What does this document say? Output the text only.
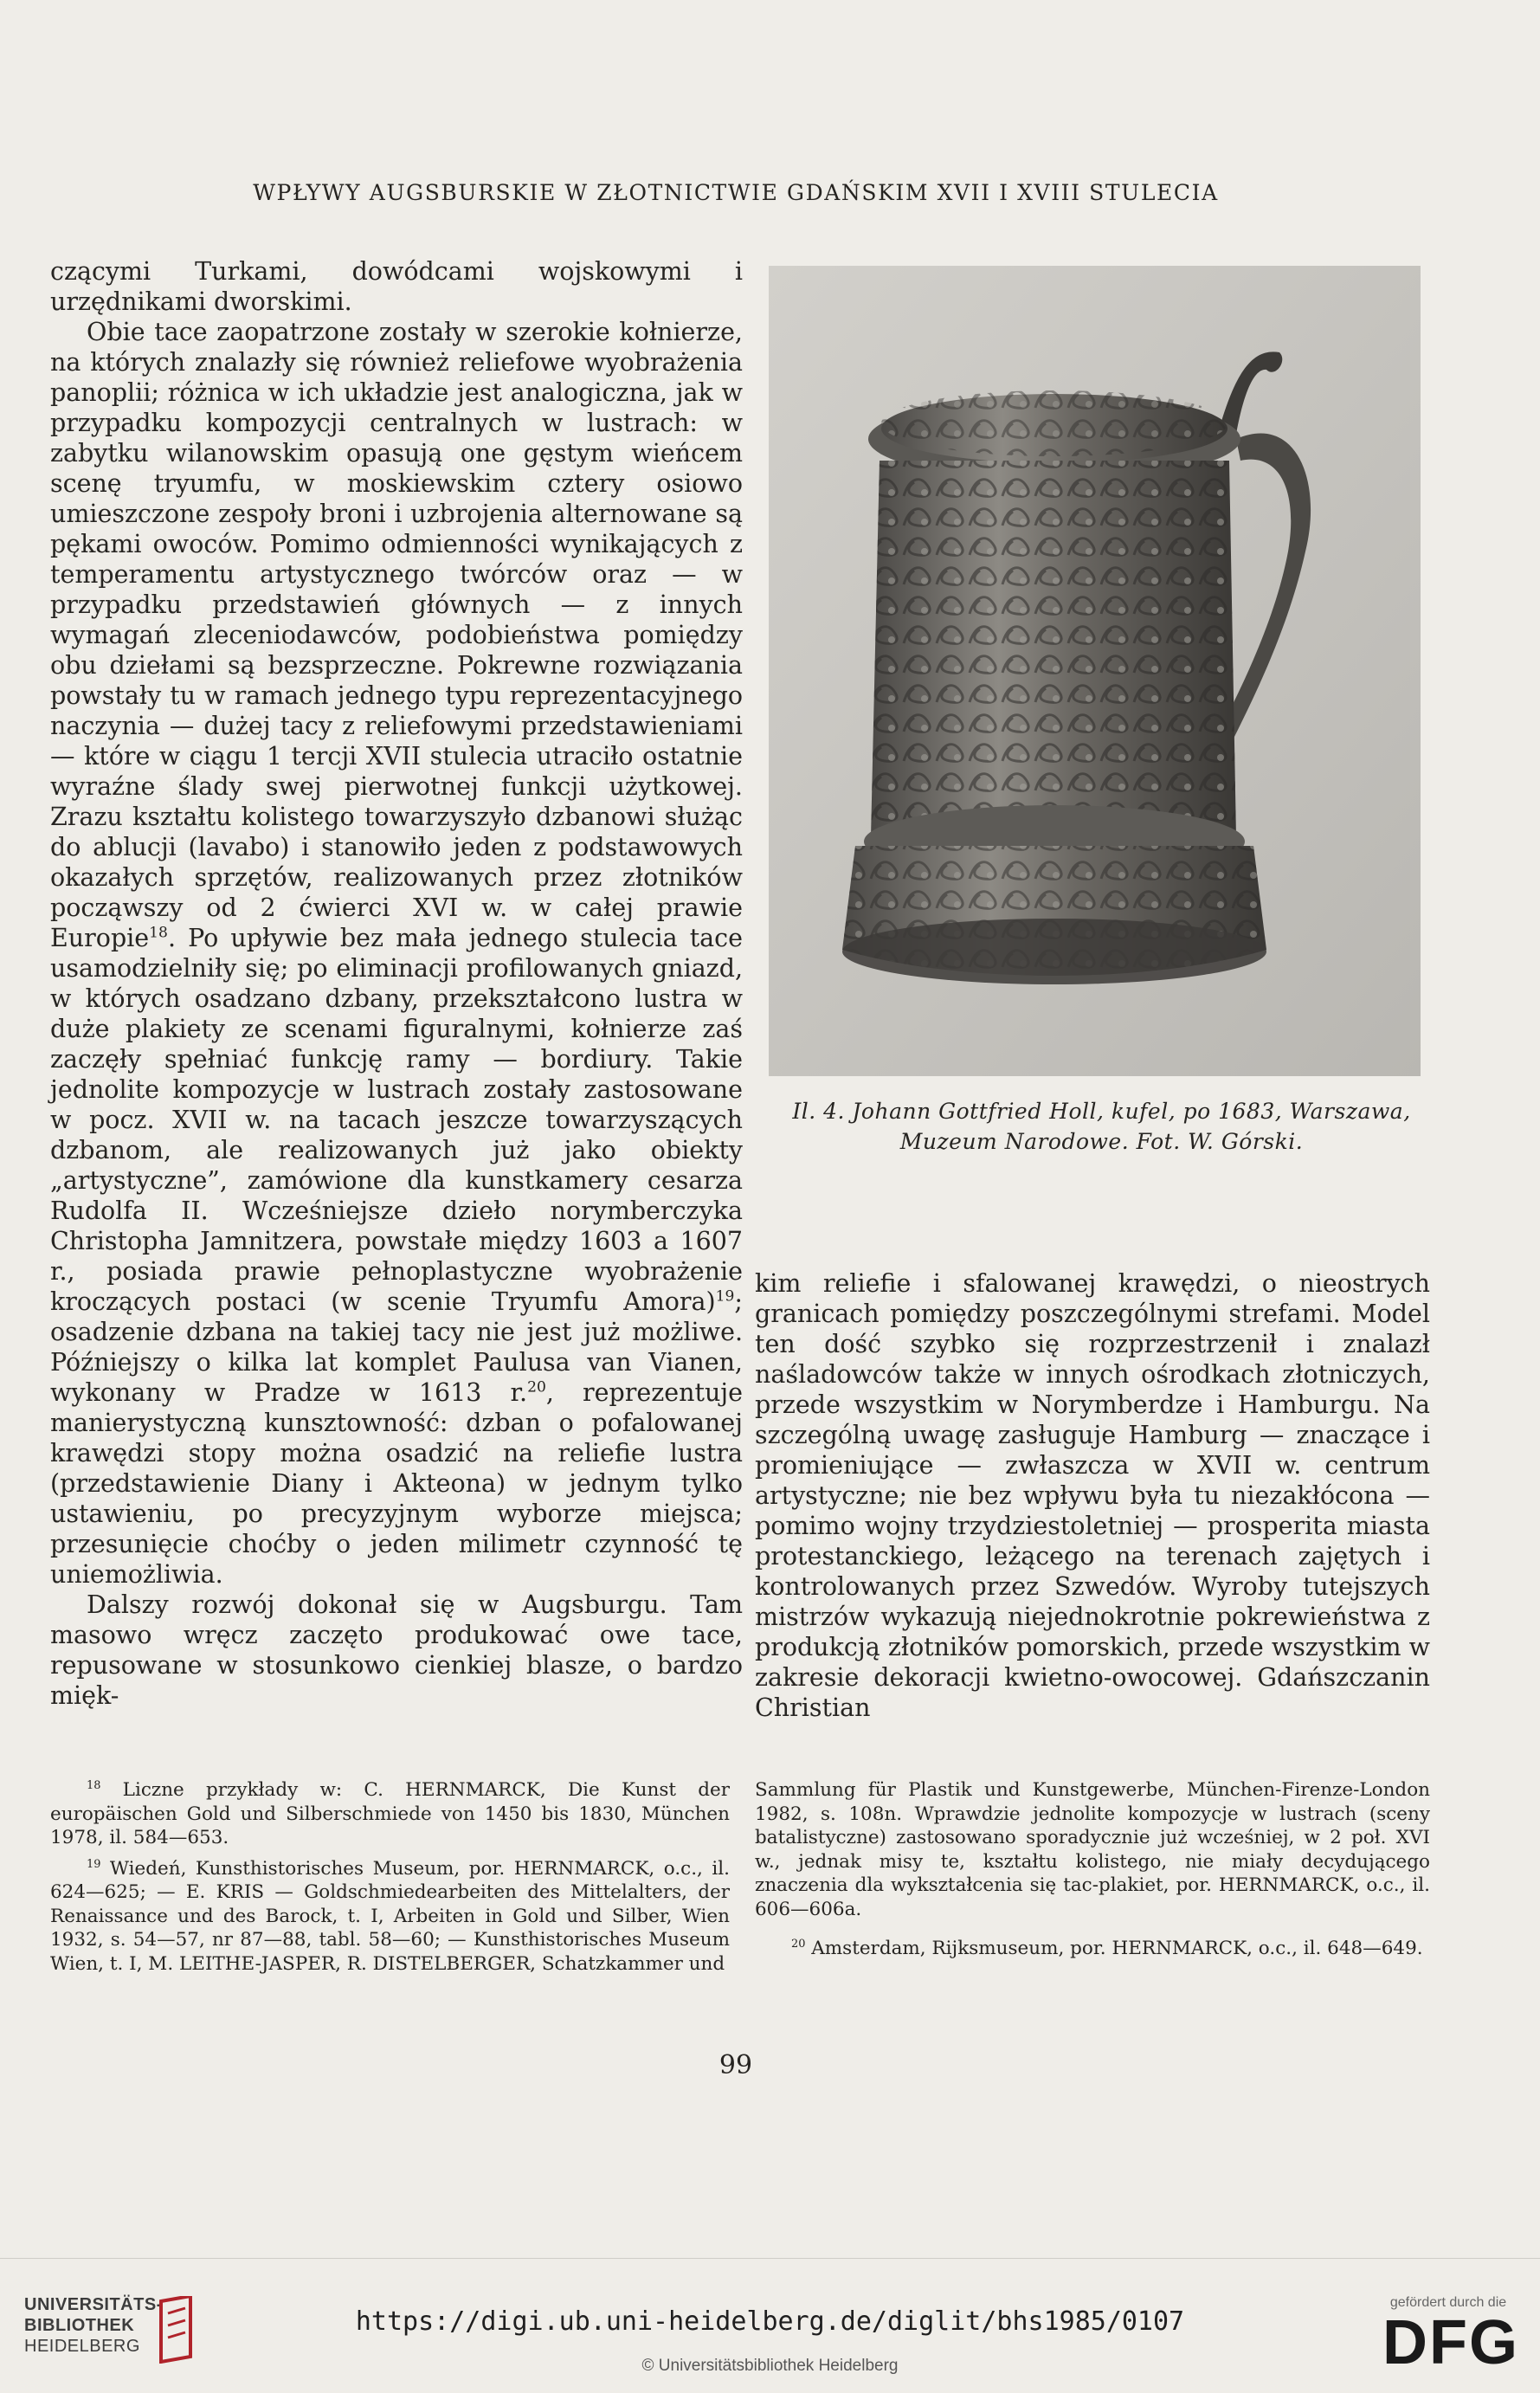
WPŁYWY AUGSBURSKIE W ZŁOTNICTWIE GDAŃSKIM XVII I XVIII STULECIA

czącymi Turkami, dowódcami wojskowymi i urzędnikami dworskimi.

Obie tace zaopatrzone zostały w szerokie kołnierze, na których znalazły się również reliefowe wyobrażenia panoplii; różnica w ich układzie jest analogiczna, jak w przypadku kompozycji centralnych w lustrach: w zabytku wilanowskim opasują one gęstym wieńcem scenę tryumfu, w moskiewskim cztery osiowo umieszczone zespoły broni i uzbrojenia alternowane są pękami owoców. Pomimo odmienności wynikających z temperamentu artystycznego twórców oraz — w przypadku przedstawień głównych — z innych wymagań zleceniodawców, podobieństwa pomiędzy obu dziełami są bezsprzeczne. Pokrewne rozwiązania powstały tu w ramach jednego typu reprezentacyjnego naczynia — dużej tacy z reliefowymi przedstawieniami — które w ciągu 1 tercji XVII stulecia utraciło ostatnie wyraźne ślady swej pierwotnej funkcji użytkowej. Zrazu kształtu kolistego towarzyszyło dzbanowi służąc do ablucji (lavabo) i stanowiło jeden z podstawowych okazałych sprzętów, realizowanych przez złotników począwszy od 2 ćwierci XVI w. w całej prawie Europie$^{18}$. Po upływie bez mała jednego stulecia tace usamodzielniły się; po eliminacji profilowanych gniazd, w których osadzano dzbany, przekształcono lustra w duże plakiety ze scenami figuralnymi, kołnierze zaś zaczęły spełniać funkcję ramy — bordiury. Takie jednolite kompozycje w lustrach zostały zastosowane w pocz. XVII w. na tacach jeszcze towarzyszących dzbanom, ale realizowanych już jako obiekty „artystyczne”, zamówione dla kunstkamery cesarza Rudolfa II. Wcześniejsze dzieło norymberczyka Christopha Jamnitzera, powstałe między 1603 a 1607 r., posiada prawie pełnoplastyczne wyobrażenie kroczących postaci (w scenie Tryumfu Amora)$^{19}$; osadzenie dzbana na takiej tacy nie jest już możliwe. Późniejszy o kilka lat komplet Paulusa van Vianen, wykonany w Pradze w 1613 r.$^{20}$, reprezentuje manierystyczną kunsztowność: dzban o pofalowanej krawędzi stopy można osadzić na reliefie lustra (przedstawienie Diany i Akteona) w jednym tylko ustawieniu, po precyzyjnym wyborze miejsca; przesunięcie choćby o jeden milimetr czynność tę uniemożliwia.

Dalszy rozwój dokonał się w Augsburgu. Tam masowo wręcz zaczęto produkować owe tace, repusowane w stosunkowo cienkiej blasze, o bardzo mięk-

Il. 4. Johann Gottfried Holl, kufel, po 1683, Warszawa, Muzeum Narodowe. Fot. W. Górski.

kim reliefie i sfalowanej krawędzi, o nieostrych granicach pomiędzy poszczególnymi strefami. Model ten dość szybko się rozprzestrzenił i znalazł naśladowców także w innych ośrodkach złotniczych, przede wszystkim w Norymberdze i Hamburgu. Na szczególną uwagę zasługuje Hamburg — znaczące i promieniujące — zwłaszcza w XVII w. centrum artystyczne; nie bez wpływu była tu niezakłócona — pomimo wojny trzydziestoletniej — prosperita miasta protestanckiego, leżącego na terenach zajętych i kontrolowanych przez Szwedów. Wyroby tutejszych mistrzów wykazują niejednokrotnie pokrewieństwa z produkcją złotników pomorskich, przede wszystkim w zakresie dekoracji kwietno-owocowej. Gdańszczanin Christian

$^{18}$ Liczne przykłady w: C. HERNMARCK, Die Kunst der europäischen Gold und Silberschmiede von 1450 bis 1830, München 1978, il. 584—653.

$^{19}$ Wiedeń, Kunsthistorisches Museum, por. HERNMARCK, o.c., il. 624—625; — E. KRIS — Goldschmiedearbeiten des Mittelalters, der Renaissance und des Barock, t. I, Arbeiten in Gold und Silber, Wien 1932, s. 54—57, nr 87—88, tabl. 58—60; — Kunsthistorisches Museum Wien, t. I, M. LEITHE-JASPER, R. DISTELBERGER, Schatzkammer und

Sammlung für Plastik und Kunstgewerbe, München-Firenze-London 1982, s. 108n. Wprawdzie jednolite kompozycje w lustrach (sceny batalistyczne) zastosowano sporadycznie już wcześniej, w 2 poł. XVI w., jednak misy te, kształtu kolistego, nie miały decydującego znaczenia dla wykształcenia się tac-plakiet, por. HERNMARCK, o.c., il. 606—606a.

$^{20}$ Amsterdam, Rijksmuseum, por. HERNMARCK, o.c., il. 648—649.

99
UNIVERSITÄTS-
BIBLIOTHEK
HEIDELBERG
https://digi.ub.uni-heidelberg.de/diglit/bhs1985/0107
© Universitätsbibliothek Heidelberg
gefördert durch die
DFG
